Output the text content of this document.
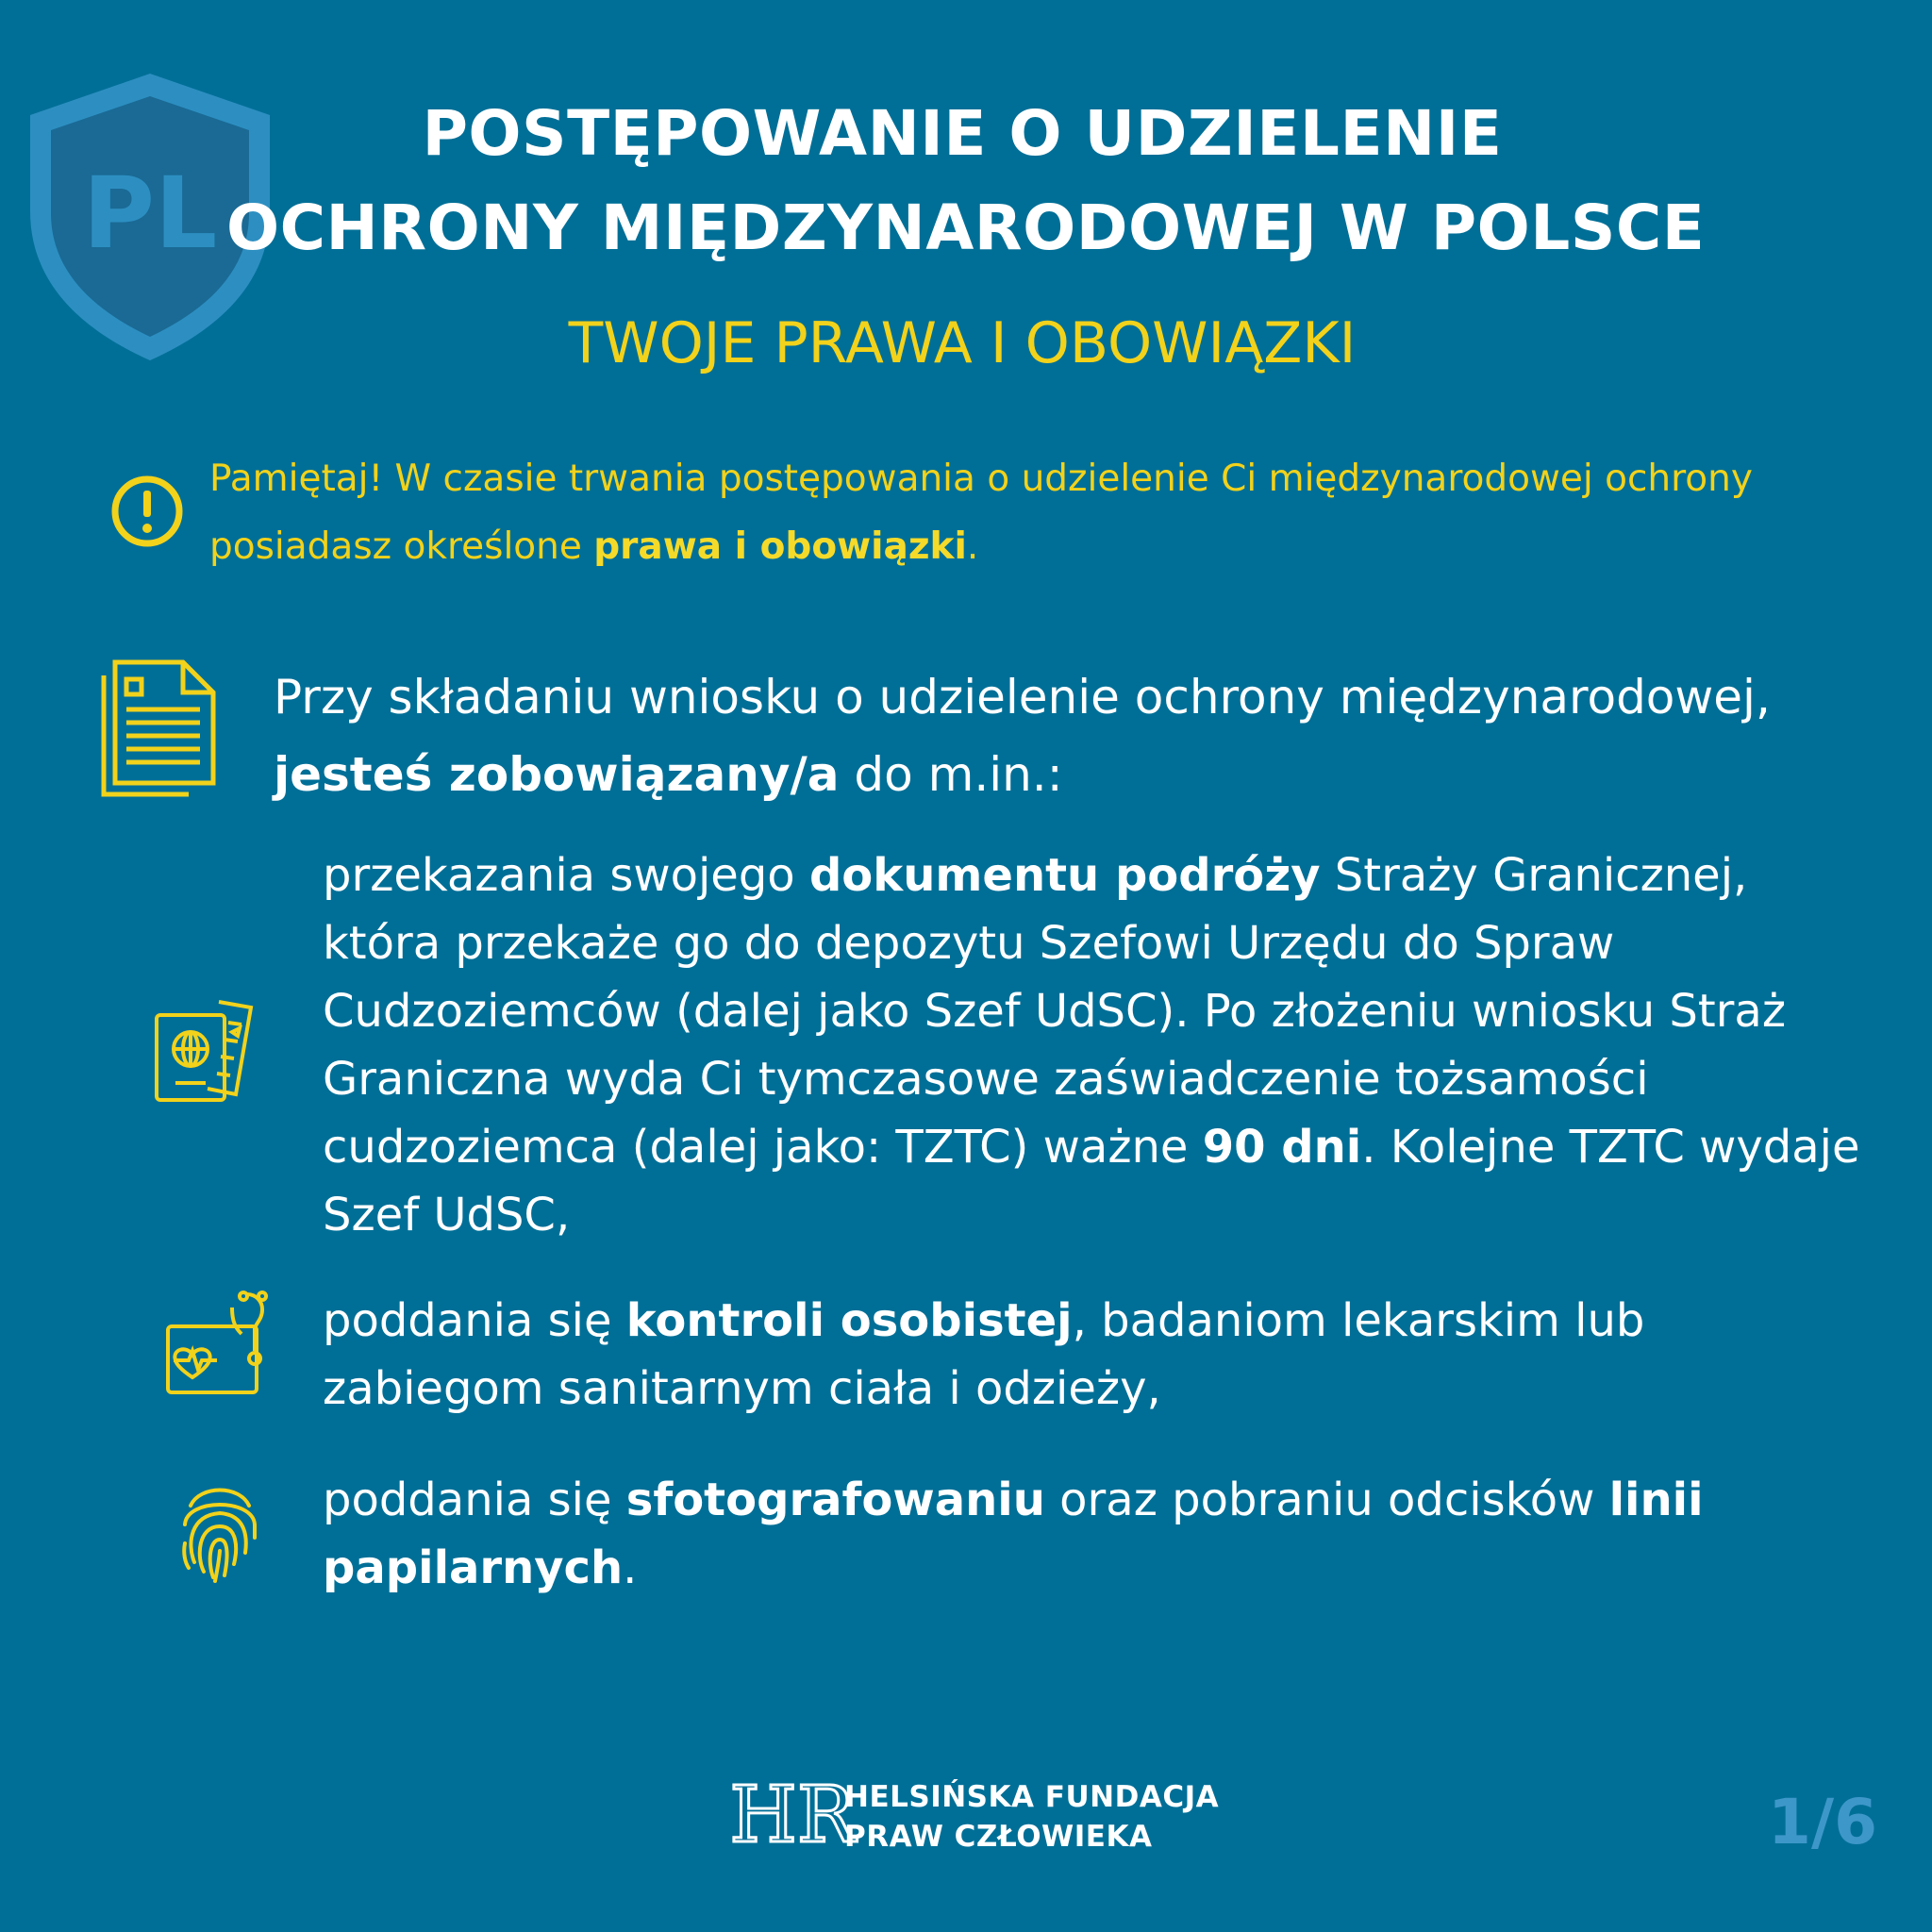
PL
POSTĘPOWANIE O UDZIELENIE
OCHRONY MIĘDZYNARODOWEJ W POLSCE
TWOJE PRAWA I OBOWIĄZKI
Pamiętaj! W czasie trwania postępowania o udzielenie Ci międzynarodowej ochrony posiadasz określone prawa i obowiązki.
Przy składaniu wniosku o udzielenie ochrony międzynarodowej, jesteś zobowiązany/a do m.in.:
przekazania swojego dokumentu podróży Straży Granicznej, która przekaże go do depozytu Szefowi Urzędu do Spraw Cudzoziemców (dalej jako Szef UdSC). Po złożeniu wniosku Straż Graniczna wyda Ci tymczasowe zaświadczenie tożsamości cudzoziemca (dalej jako: TZTC) ważne 90 dni. Kolejne TZTC wydaje Szef UdSC,
poddania się kontroli osobistej, badaniom lekarskim lub zabiegom sanitarnym ciała i odzieży,
poddania się sfotografowaniu oraz pobraniu odcisków linii papilarnych.
HR
HELSIŃSKA FUNDACJA
PRAW CZŁOWIEKA	1/6
